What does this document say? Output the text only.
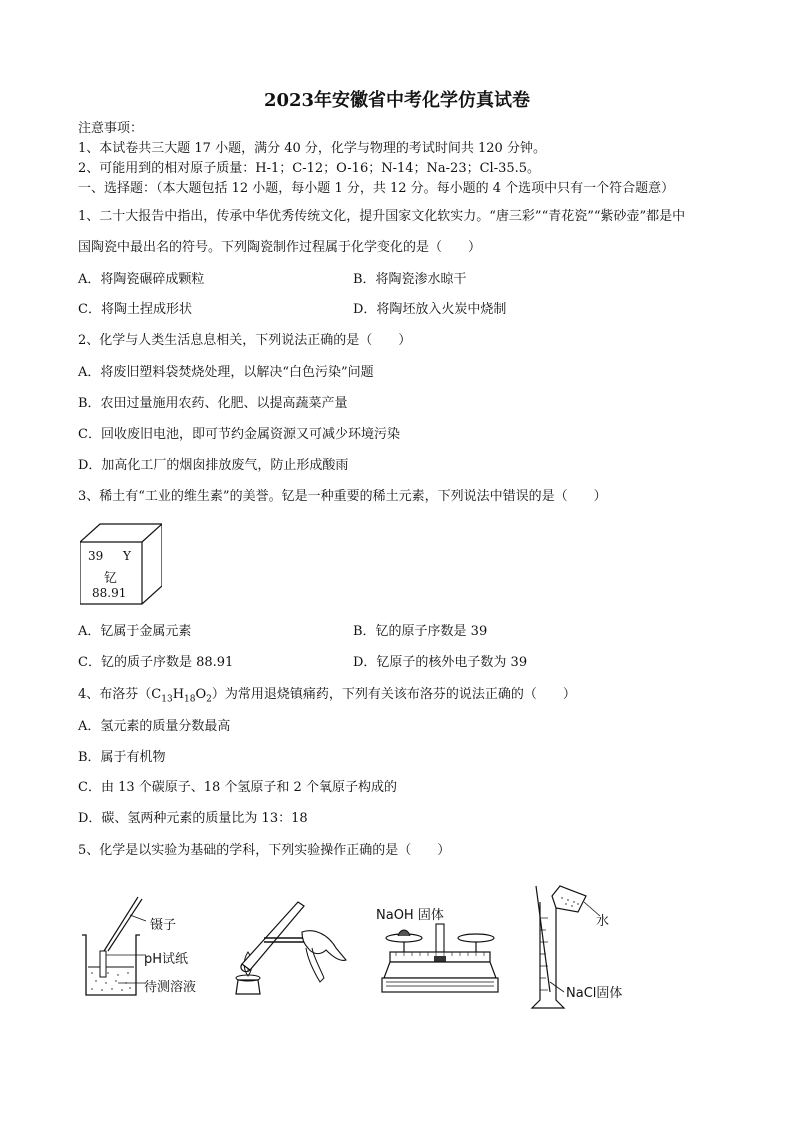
2023年安徽省中考化学仿真试卷
注意事项：
1、本试卷共三大题 17 小题，满分 40 分，化学与物理的考试时间共 120 分钟。
2、可能用到的相对原子质量：H-1；C-12；O-16；N-14；Na-23；Cl-35.5。
一、选择题：（本大题包括 12 小题，每小题 1 分，共 12 分。每小题的 4 个选项中只有一个符合题意）
1、二十大报告中指出，传承中华优秀传统文化，提升国家文化软实力。“唐三彩”“青花瓷”“紫砂壶”都是中
国陶瓷中最出名的符号。下列陶瓷制作过程属于化学变化的是（　　）
A．将陶瓷碾碎成颗粒	B．将陶瓷渗水晾干
C．将陶土捏成形状	D．将陶坯放入火炭中烧制
2、化学与人类生活息息相关，下列说法正确的是（　　）
A．将废旧塑料袋焚烧处理，以解决“白色污染”问题
B．农田过量施用农药、化肥、以提高蔬菜产量
C．回收废旧电池，即可节约金属资源又可减少环境污染
D．加高化工厂的烟囱排放废气，防止形成酸雨
3、稀土有“工业的维生素”的美誉。钇是一种重要的稀土元素，下列说法中错误的是（　　）
39 Y
钇
88.91
A．钇属于金属元素	B．钇的原子序数是 39
C．钇的质子序数是 88.91	D．钇原子的核外电子数为 39
4、布洛芬$(C_{13}H_{18}O_2)$为常用退烧镇痛药，下列有关该布洛芬的说法正确的（　　）
A．氢元素的质量分数最高
B．属于有机物
C．由 13 个碳原子、18 个氢原子和 2 个氧原子构成的
D．碳、氢两种元素的质量比为 13：18
5、化学是以实验为基础的学科，下列实验操作正确的是（　　）
镊子
pH试纸
待测溶液
NaOH 固体	水
NaCl固体
